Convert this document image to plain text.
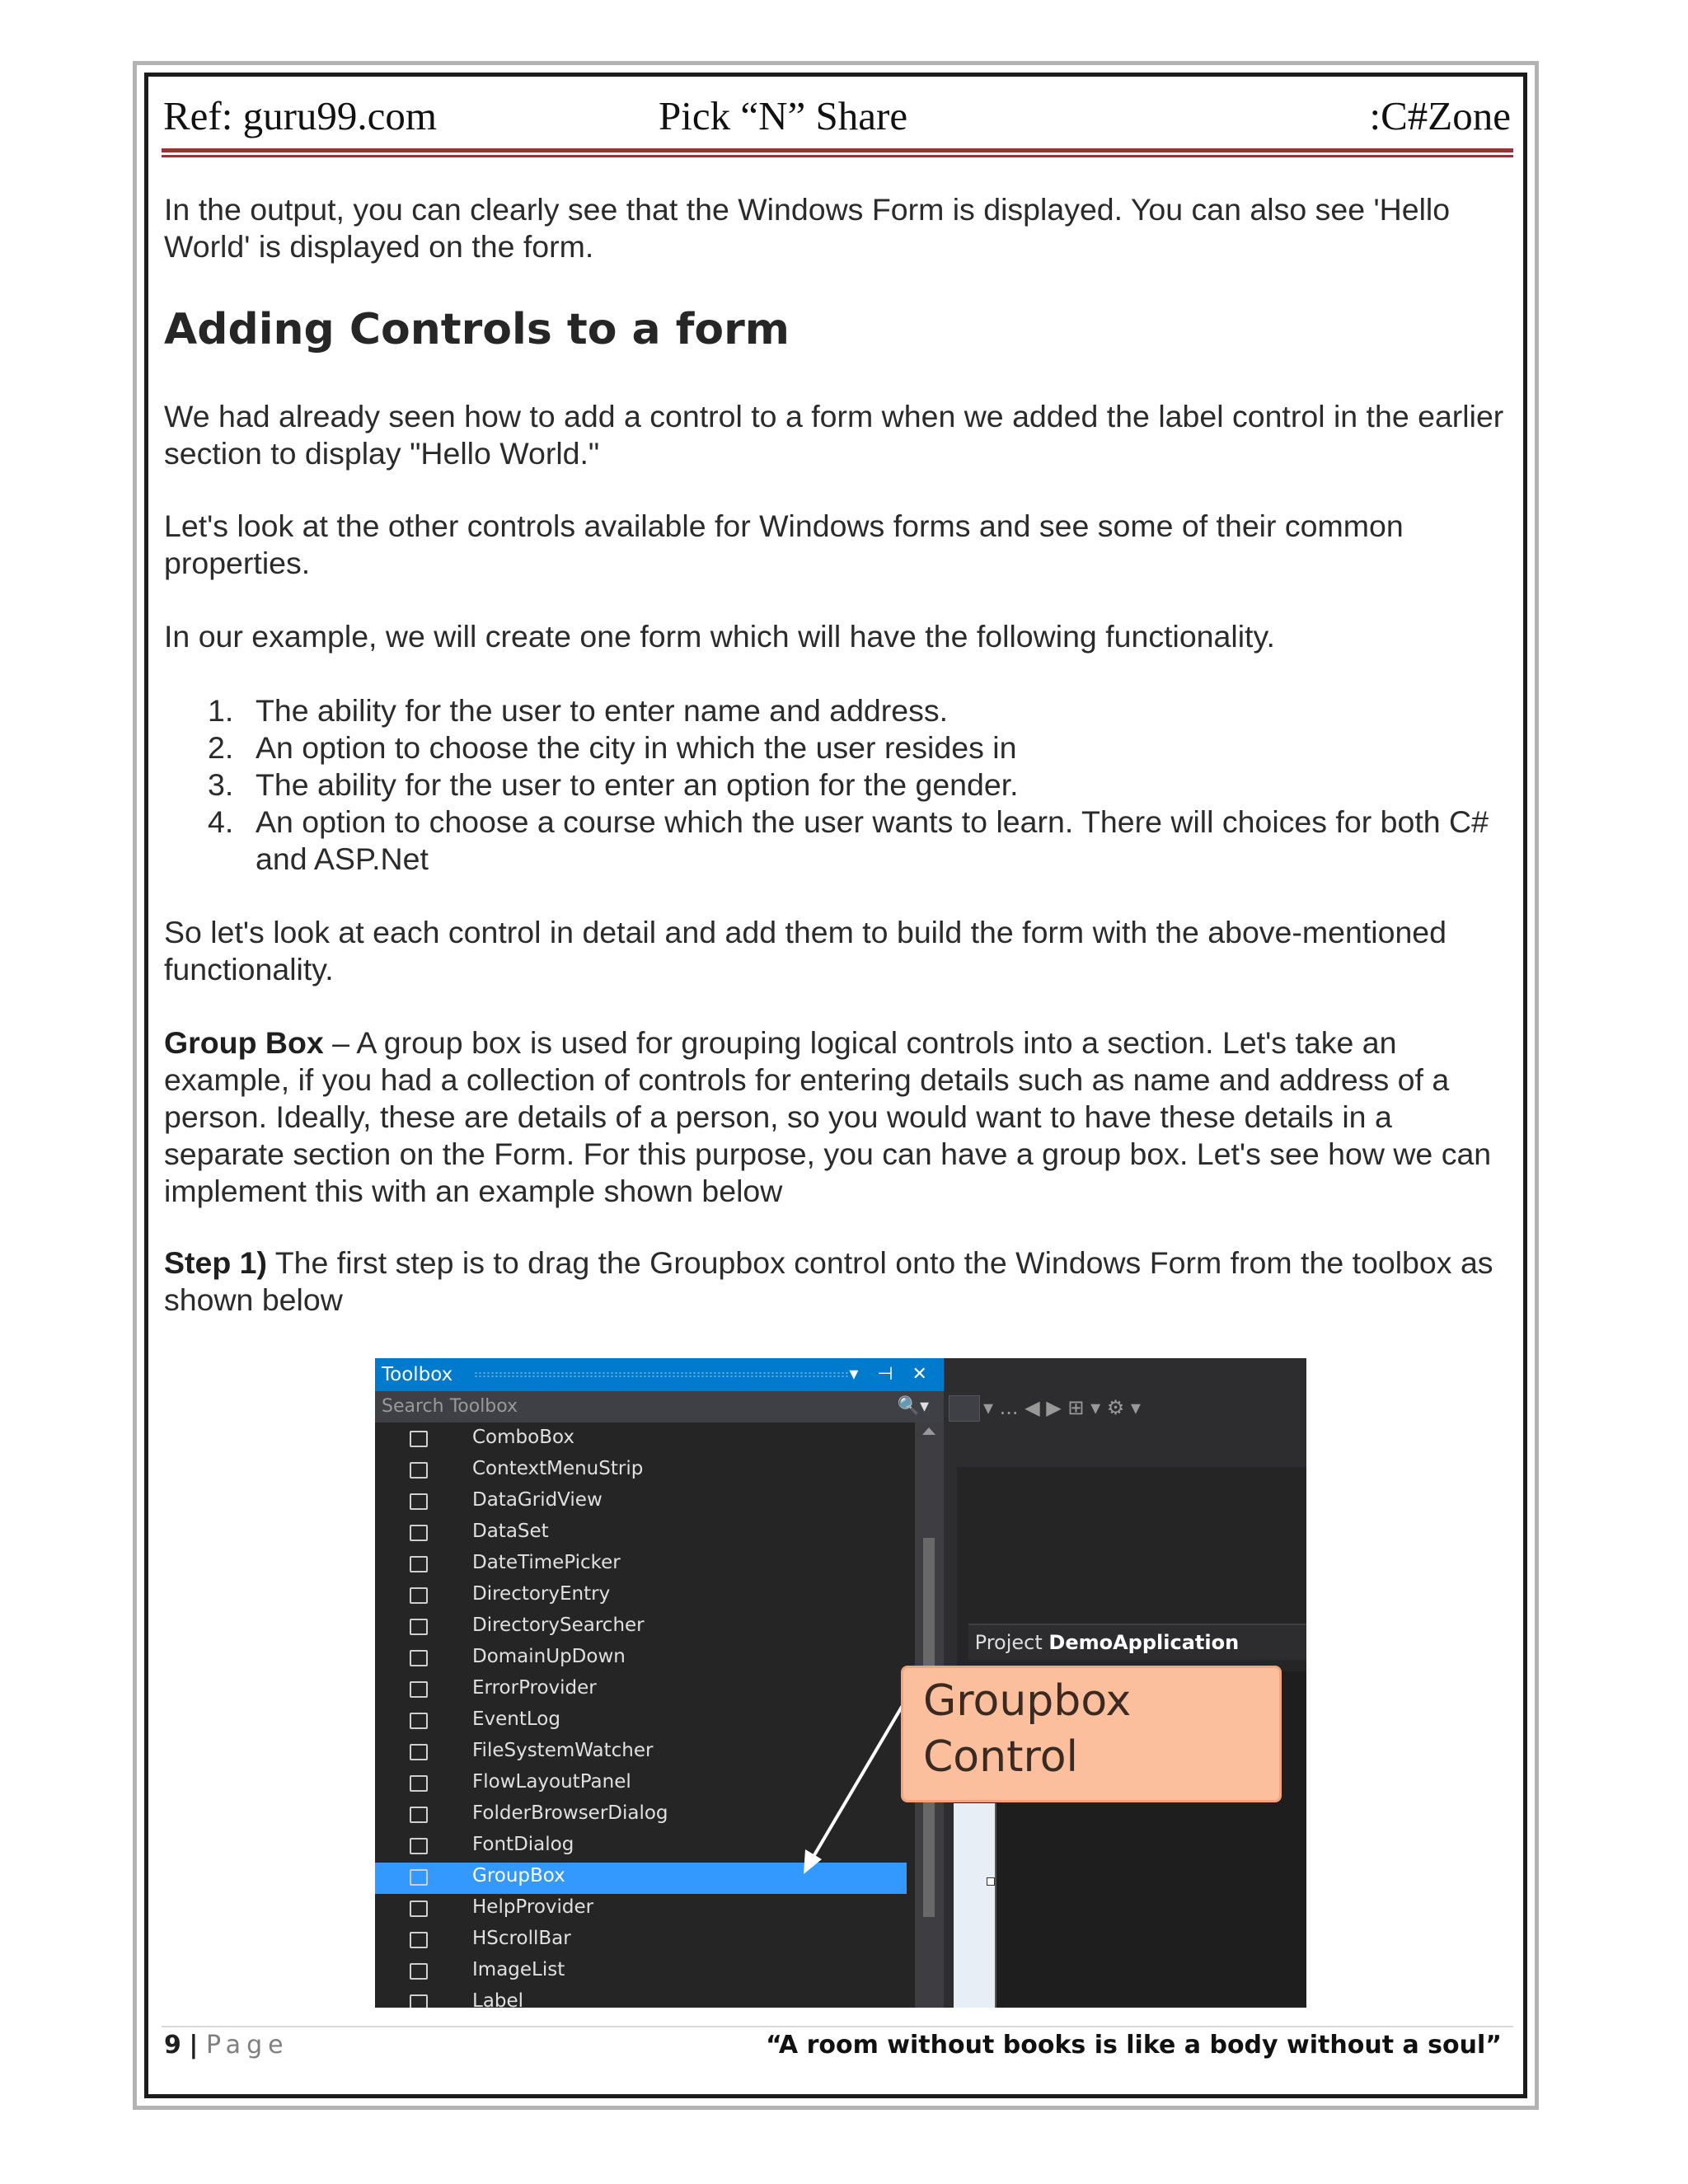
Ref: guru99.com	Pick “N” Share	:C#Zone
In the output, you can clearly see that the Windows Form is displayed. You can also see 'Hello World' is displayed on the form.
Adding Controls to a form
We had already seen how to add a control to a form when we added the label control in the earlier section to display "Hello World."
Let's look at the other controls available for Windows forms and see some of their common properties.
In our example, we will create one form which will have the following functionality.
1. The ability for the user to enter name and address.
2. An option to choose the city in which the user resides in
3. The ability for the user to enter an option for the gender.
4. An option to choose a course which the user wants to learn. There will choices for both C# and ASP.Net
So let's look at each control in detail and add them to build the form with the above-mentioned functionality.
Group Box – A group box is used for grouping logical controls into a section. Let's take an example, if you had a collection of controls for entering details such as name and address of a person. Ideally, these are details of a person, so you would want to have these details in a separate section on the Form. For this purpose, you can have a group box. Let's see how we can implement this with an example shown below
Step 1) The first step is to drag the Groupbox control onto the Windows Form from the toolbox as shown below
Toolbox	▾ ⊣ ✕
Search Toolbox	🔍▾
ComboBox
ContextMenuStrip
DataGridView
DataSet
DateTimePicker
DirectoryEntry
DirectorySearcher
DomainUpDown
ErrorProvider
EventLog
FileSystemWatcher
FlowLayoutPanel
FolderBrowserDialog
FontDialog
GroupBox
HelpProvider
HScrollBar
ImageList
Label
▾ ... ◀ ▶ ⊞ ▾ ⚙ ▾
Project DemoApplication
Groupbox
Control
9 | Page	“A room without books is like a body without a soul”
